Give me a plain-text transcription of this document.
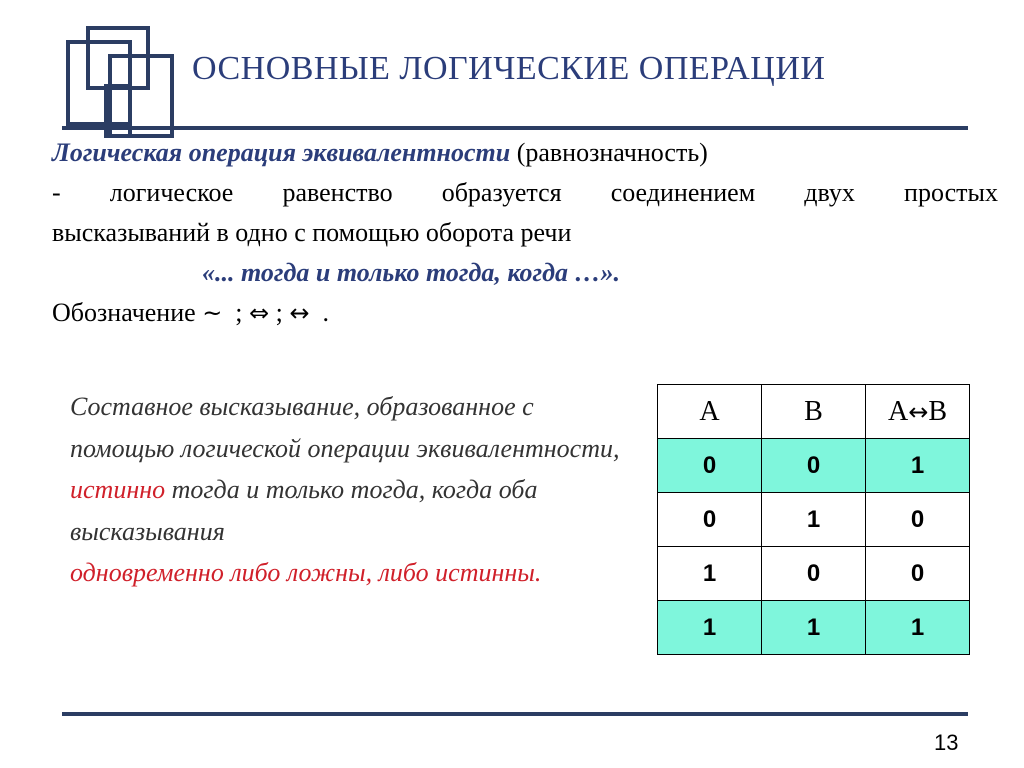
ОСНОВНЫЕ ЛОГИЧЕСКИЕ ОПЕРАЦИИ
Логическая операция эквивалентности (равнозначность)
- логическое равенство образуется соединением двух простых
высказываний в одно с помощью оборота речи
«... тогда и только тогда, когда …».
Обозначение ~ ; ⇔ ; ↔ .
Составное высказывание, образованное с помощью логической операции эквивалентности, истинно тогда и только тогда, когда оба высказывания
одновременно либо ложны, либо истинны.
A	B	A↔B
0	0	1
0	1	0
1	0	0
1	1	1
13
